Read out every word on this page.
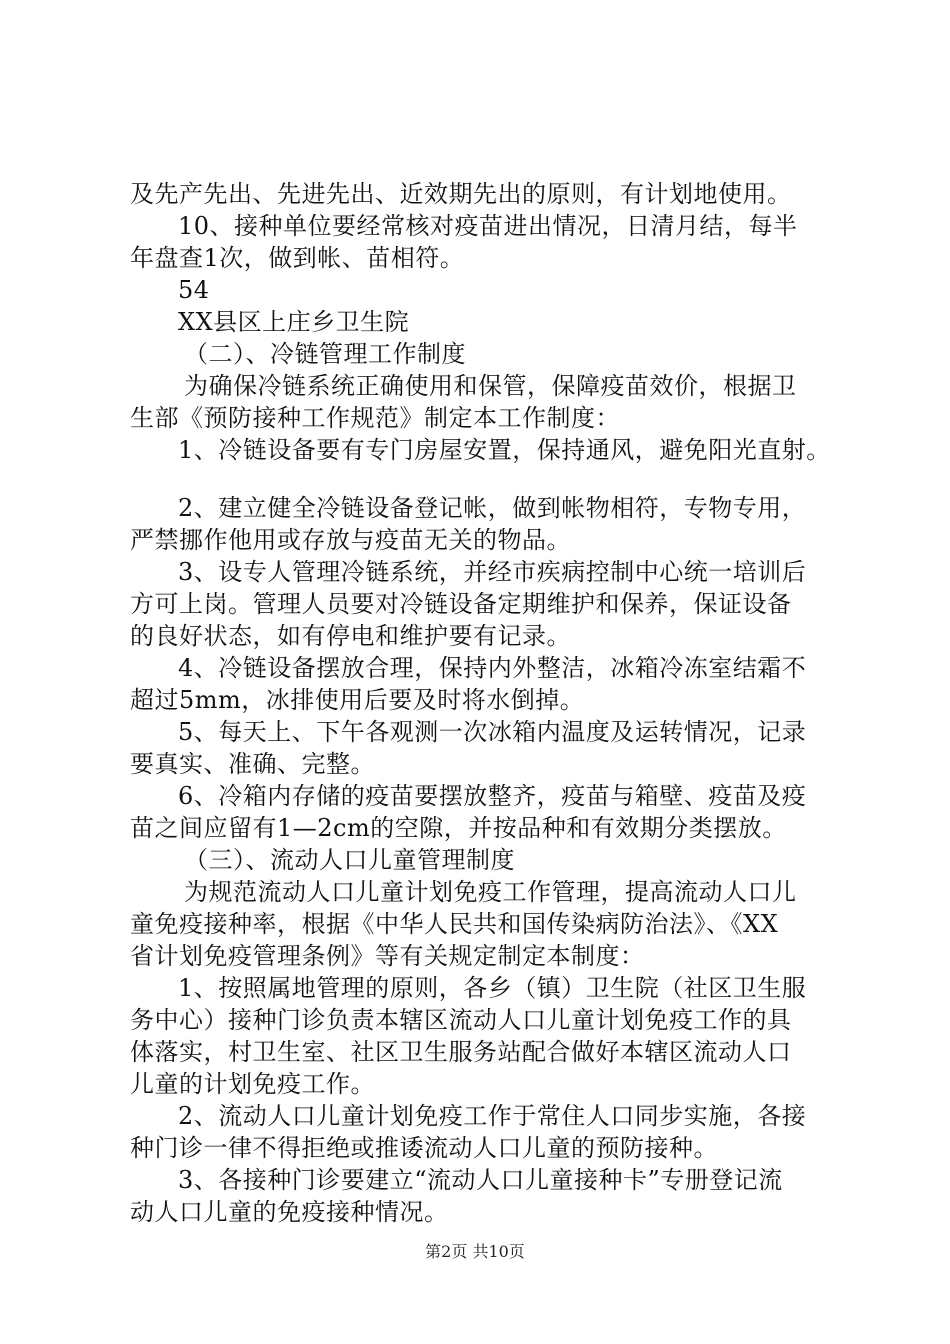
及先产先出、先进先出、近效期先出的原则，有计划地使用。
10、接种单位要经常核对疫苗进出情况，日清月结，每半
年盘查1次，做到帐、苗相符。
54
XX县区上庄乡卫生院
（二）、冷链管理工作制度
为确保冷链系统正确使用和保管，保障疫苗效价，根据卫
生部《预防接种工作规范》制定本工作制度：
1、冷链设备要有专门房屋安置，保持通风，避免阳光直射。
2、建立健全冷链设备登记帐，做到帐物相符，专物专用，
严禁挪作他用或存放与疫苗无关的物品。
3、设专人管理冷链系统，并经市疾病控制中心统一培训后
方可上岗。管理人员要对冷链设备定期维护和保养，保证设备
的良好状态，如有停电和维护要有记录。
4、冷链设备摆放合理，保持内外整洁，冰箱冷冻室结霜不
超过5mm，冰排使用后要及时将水倒掉。
5、每天上、下午各观测一次冰箱内温度及运转情况，记录
要真实、准确、完整。
6、冷箱内存储的疫苗要摆放整齐，疫苗与箱壁、疫苗及疫
苗之间应留有1—2cm的空隙，并按品种和有效期分类摆放。
（三）、流动人口儿童管理制度
为规范流动人口儿童计划免疫工作管理，提高流动人口儿
童免疫接种率，根据《中华人民共和国传染病防治法》、《XX
省计划免疫管理条例》等有关规定制定本制度：
1、按照属地管理的原则，各乡（镇）卫生院（社区卫生服
务中心）接种门诊负责本辖区流动人口儿童计划免疫工作的具
体落实，村卫生室、社区卫生服务站配合做好本辖区流动人口
儿童的计划免疫工作。
2、流动人口儿童计划免疫工作于常住人口同步实施，各接
种门诊一律不得拒绝或推诿流动人口儿童的预防接种。
3、各接种门诊要建立“流动人口儿童接种卡”专册登记流
动人口儿童的免疫接种情况。
第2页 共10页
